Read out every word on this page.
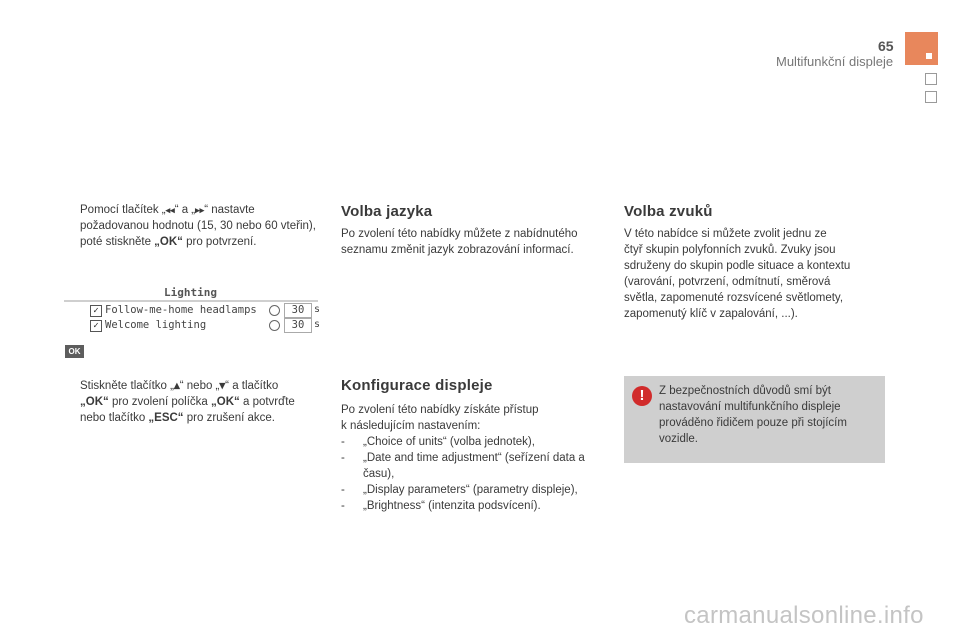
65
Multifunkční displeje
Pomocí tlačítek „◂◂“ a „▸▸“ nastavte
požadovanou hodnotu (15, 30 nebo 60 vteřin),
poté stiskněte „OK“ pro potvrzení.
Lighting
✓ Follow-me-home headlamps	30 s
✓ Welcome lighting	30 s
OK
Stiskněte tlačítko „▴“ nebo „▾“ a tlačítko
„OK“ pro zvolení políčka „OK“ a potvrďte
nebo tlačítko „ESC“ pro zrušení akce.
Volba jazyka
Po zvolení této nabídky můžete z nabídnutého
seznamu změnit jazyk zobrazování informací.
Konfigurace displeje
Po zvolení této nabídky získáte přístup
k následujícím nastavením:
- „Choice of units“ (volba jednotek),
- „Date and time adjustment“ (seřízení data a času),
- „Display parameters“ (parametry displeje),
- „Brightness“ (intenzita podsvícení).
Volba zvuků
V této nabídce si můžete zvolit jednu ze
čtyř skupin polyfonních zvuků. Zvuky jsou
sdruženy do skupin podle situace a kontextu
(varování, potvrzení, odmítnutí, směrová
světla, zapomenuté rozsvícené světlomety,
zapomenutý klíč v zapalování, ...).
!	Z bezpečnostních důvodů smí být
nastavování multifunkčního displeje
prováděno řidičem pouze při stojícím
vozidle.
carmanualsonline.info
